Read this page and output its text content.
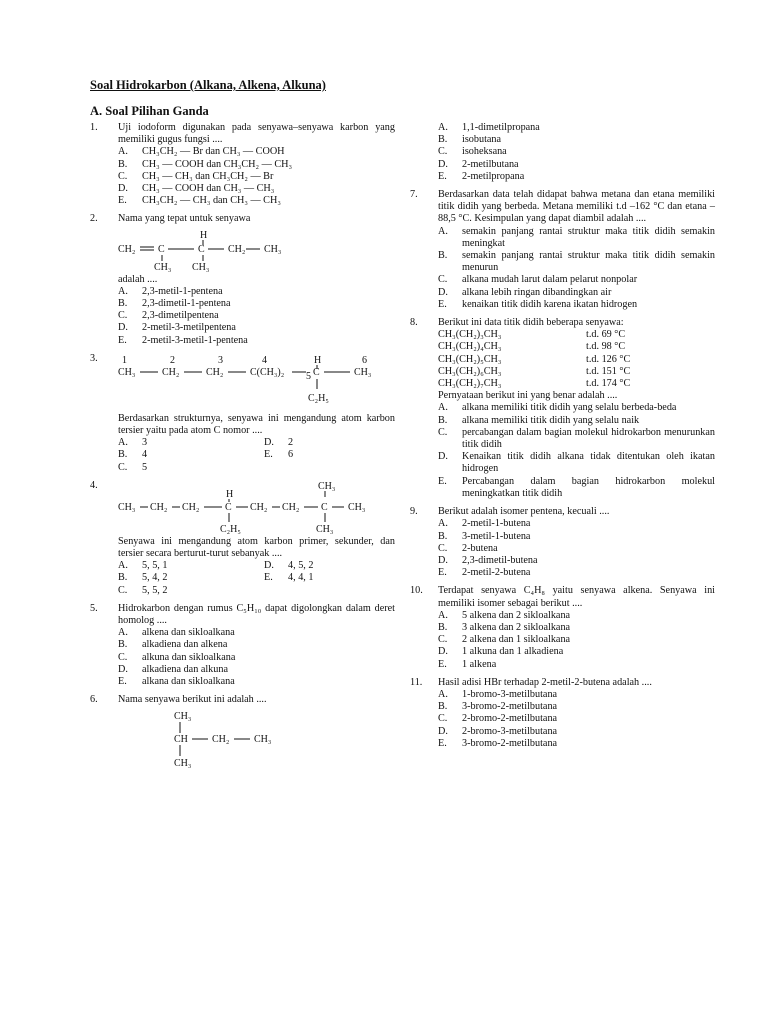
Soal Hidrokarbon (Alkana, Alkena, Alkuna)
A. Soal Pilihan Ganda
1.	Uji iodoform digunakan pada senyawa–senyawa karbon yang memiliki gugus fungsi ....
A. CH₃CH₂ — Br dan CH₃ — COOH
B. CH₃ — COOH dan CH₃CH₂ — CH₃
C. CH₃ — CH₃ dan CH₃CH₂ — Br
D. CH₃ — COOH dan CH₃ — CH₃
E. CH₃CH₂ — CH₃ dan CH₃ — CH₃
2.	Nama yang tepat untuk senyawa
H
CH₂ C	C CH₂ CH₃
CH₃ CH₃
adalah ....
A. 2,3-metil-1-pentena
B. 2,3-dimetil-1-pentena
C. 2,3-dimetilpentena
D. 2-metil-3-metilpentena
E. 2-metil-3-metil-1-pentena
3.	1	2	3	4	H	6
CH₃	CH₂	CH₂	C(CH₃)₂ 5 C	CH₃
C₂H₅
Berdasarkan strukturnya, senyawa ini mengandung atom karbon tersier yaitu pada atom C nomor ....
A. 3	D. 2
B. 4	E. 6
C. 5
4.	CH₃
H
CH₃ CH₂ CH₂	C CH₂ CH₂ C CH₃
C₂H₅	CH₃
Senyawa ini mengandung atom karbon primer, sekunder, dan tersier secara berturut-turut sebanyak ....
A. 5, 5, 1	D. 4, 5, 2
B. 5, 4, 2	E. 4, 4, 1
C. 5, 5, 2
5.	Hidrokarbon dengan rumus C₅H₁₀ dapat digolongkan dalam deret homolog ....
A. alkena dan sikloalkana
B. alkadiena dan alkena
C. alkuna dan sikloalkana
D. alkadiena dan alkuna
E. alkana dan sikloalkana
6.	Nama senyawa berikut ini adalah ....
CH₃
CH CH₂ CH₃
CH₃
A. 1,1-dimetilpropana
B. isobutana
C. isoheksana
D. 2-metilbutana
E. 2-metilpropana
7.	Berdasarkan data telah didapat bahwa metana dan etana memiliki titik didih yang berbeda. Metana memiliki t.d –162 °C dan etana –88,5 °C. Kesimpulan yang dapat diambil adalah ....
A. semakin panjang rantai struktur maka titik didih semakin meningkat
B. semakin panjang rantai struktur maka titik didih semakin menurun
C. alkana mudah larut dalam pelarut nonpolar
D. alkana lebih ringan dibandingkan air
E. kenaikan titik didih karena ikatan hidrogen
8.	Berikut ini data titik didih beberapa senyawa:
CH₃(CH₂)₃CH₃	t.d. 69 °C
CH₃(CH₂)₄CH₃	t.d. 98 °C
CH₃(CH₂)₅CH₃	t.d. 126 °C
CH₃(CH₂)₆CH₃	t.d. 151 °C
CH₃(CH₂)₇CH₃	t.d. 174 °C
Pernyataan berikut ini yang benar adalah ....
A. alkana memiliki titik didih yang selalu berbeda-beda
B. alkana memiliki titik didih yang selalu naik
C. percabangan dalam bagian molekul hidrokarbon menurunkan titik didih
D. Kenaikan titik didih alkana tidak ditentukan oleh ikatan hidrogen
E. Percabangan dalam bagian hidrokarbon molekul meningkatkan titik didih
9.	Berikut adalah isomer pentena, kecuali ....
A. 2-metil-1-butena
B. 3-metil-1-butena
C. 2-butena
D. 2,3-dimetil-butena
E. 2-metil-2-butena
10.	Terdapat senyawa C₄H₈ yaitu senyawa alkena. Senyawa ini memiliki isomer sebagai berikut ....
A. 5 alkena dan 2 sikloalkana
B. 3 alkena dan 2 sikloalkana
C. 2 alkena dan 1 sikloalkana
D. 1 alkuna dan 1 alkadiena
E. 1 alkena
11.	Hasil adisi HBr terhadap 2-metil-2-butena adalah ....
A. 1-bromo-3-metilbutana
B. 3-bromo-2-metilbutana
C. 2-bromo-2-metilbutana
D. 2-bromo-3-metilbutana
E. 3-bromo-2-metilbutana
